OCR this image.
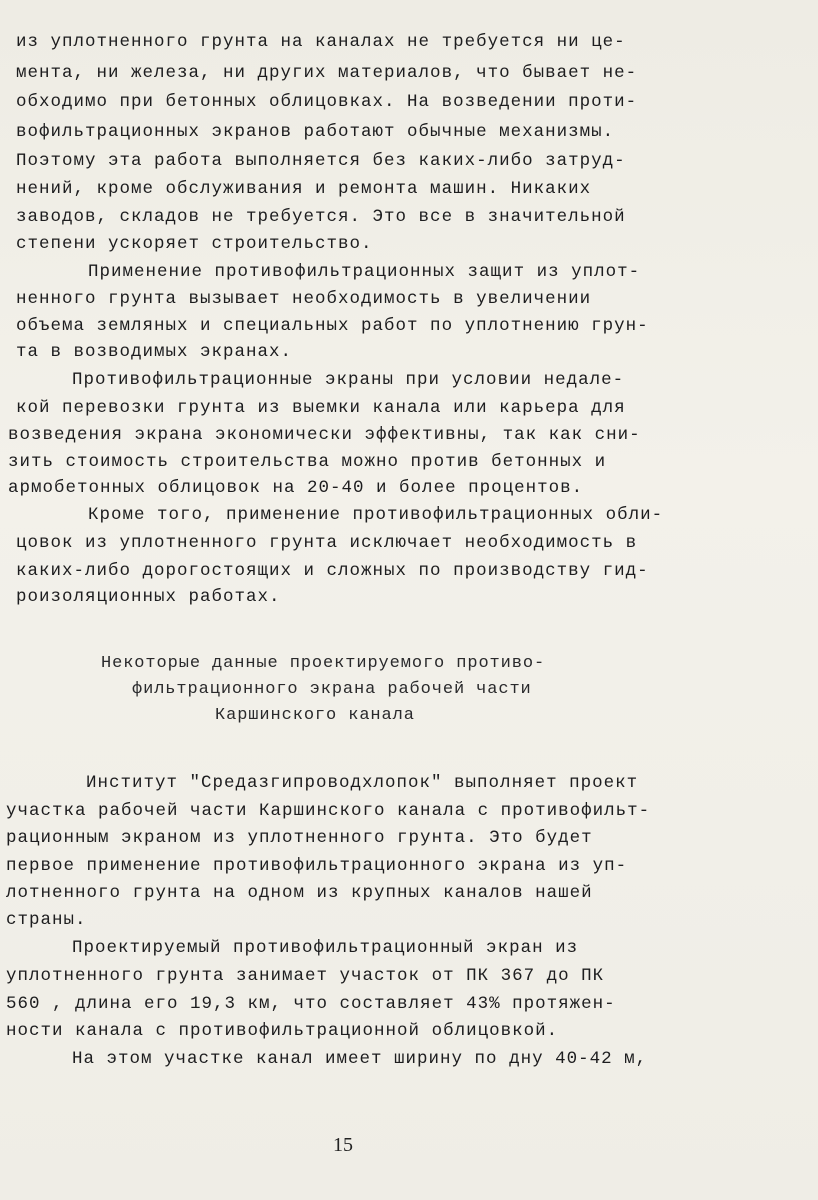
из уплотненного грунта на каналах не требуется ни це-

мента, ни железа, ни других материалов, что бывает не-

обходимо при бетонных облицовках. На возведении проти-

вофильтрационных экранов работают обычные механизмы.

Поэтому эта работа выполняется без каких-либо затруд-

нений, кроме обслуживания и ремонта машин. Никаких

заводов, складов не требуется. Это все в значительной

степени ускоряет строительство.

Применение противофильтрационных защит из уплот-

ненного грунта вызывает необходимость в увеличении

объема земляных и специальных работ по уплотнению грун-

та в возводимых экранах.

Противофильтрационные экраны при условии недале-

кой перевозки грунта из выемки канала или карьера для

возведения экрана экономически эффективны, так как сни-

зить стоимость строительства можно против бетонных и

армобетонных облицовок на 20-40 и более процентов.

Кроме того, применение противофильтрационных обли-

цовок из уплотненного грунта исключает необходимость в

каких-либо дорогостоящих и сложных по производству гид-

роизоляционных работах.

Некоторые данные проектируемого противо-

фильтрационного экрана рабочей части

Каршинского канала

Институт "Средазгипроводхлопок" выполняет проект

участка рабочей части Каршинского канала с противофильт-

рационным экраном из уплотненного грунта. Это будет

первое применение противофильтрационного экрана из уп-

лотненного грунта на одном из крупных каналов нашей

страны.

Проектируемый противофильтрационный экран из

уплотненного грунта занимает участок от ПК 367 до ПК

560 , длина его 19,3 км, что составляет 43% протяжен-

ности канала с противофильтрационной облицовкой.

На этом участке канал имеет ширину по дну 40-42 м,

15
